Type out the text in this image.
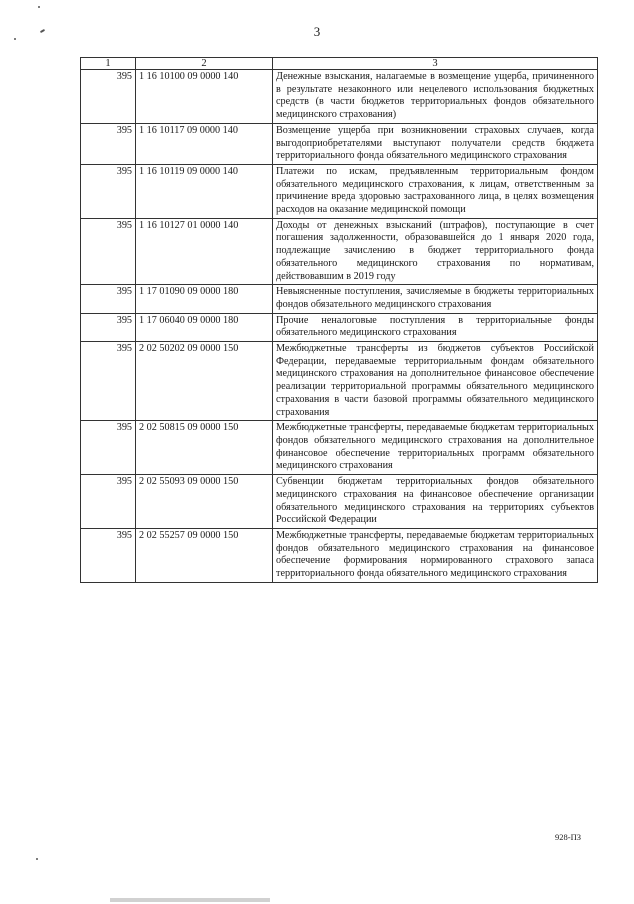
3
1	2	3
395	1 16 10100 09 0000 140	Денежные взыскания, налагаемые в возмещение ущерба, причиненного в результате незаконного или нецелевого использования бюджетных средств (в части бюджетов территориальных фондов обязательного медицинского страхования)
395	1 16 10117 09 0000 140	Возмещение ущерба при возникновении страховых случаев, когда выгодоприобретателями выступают получатели средств бюджета территориального фонда обязательного медицинского страхования
395	1 16 10119 09 0000 140	Платежи по искам, предъявленным территориальным фондом обязательного медицинского страхования, к лицам, ответственным за причинение вреда здоровью застрахованного лица, в целях возмещения расходов на оказание медицинской помощи
395	1 16 10127 01 0000 140	Доходы от денежных взысканий (штрафов), поступающие в счет погашения задолженности, образовавшейся до 1 января 2020 года, подлежащие зачислению в бюджет территориального фонда обязательного медицинского страхования по нормативам, действовавшим в 2019 году
395	1 17 01090 09 0000 180	Невыясненные поступления, зачисляемые в бюджеты территориальных фондов обязательного медицинского страхования
395	1 17 06040 09 0000 180	Прочие неналоговые поступления в территориальные фонды обязательного медицинского страхования
395	2 02 50202 09 0000 150	Межбюджетные трансферты из бюджетов субъектов Российской Федерации, передаваемые территориальным фондам обязательного медицинского страхования на дополнительное финансовое обеспечение реализации территориальной программы обязательного медицинского страхования в части базовой программы обязательного медицинского страхования
395	2 02 50815 09 0000 150	Межбюджетные трансферты, передаваемые бюджетам территориальных фондов обязательного медицинского страхования на дополнительное финансовое обеспечение территориальных программ обязательного медицинского страхования
395	2 02 55093 09 0000 150	Субвенции бюджетам территориальных фондов обязательного медицинского страхования на финансовое обеспечение организации обязательного медицинского страхования на территориях субъектов Российской Федерации
395	2 02 55257 09 0000 150	Межбюджетные трансферты, передаваемые бюджетам территориальных фондов обязательного медицинского страхования на финансовое обеспечение формирования нормированного страхового запаса территориального фонда обязательного медицинского страхования
928-ПЗ
